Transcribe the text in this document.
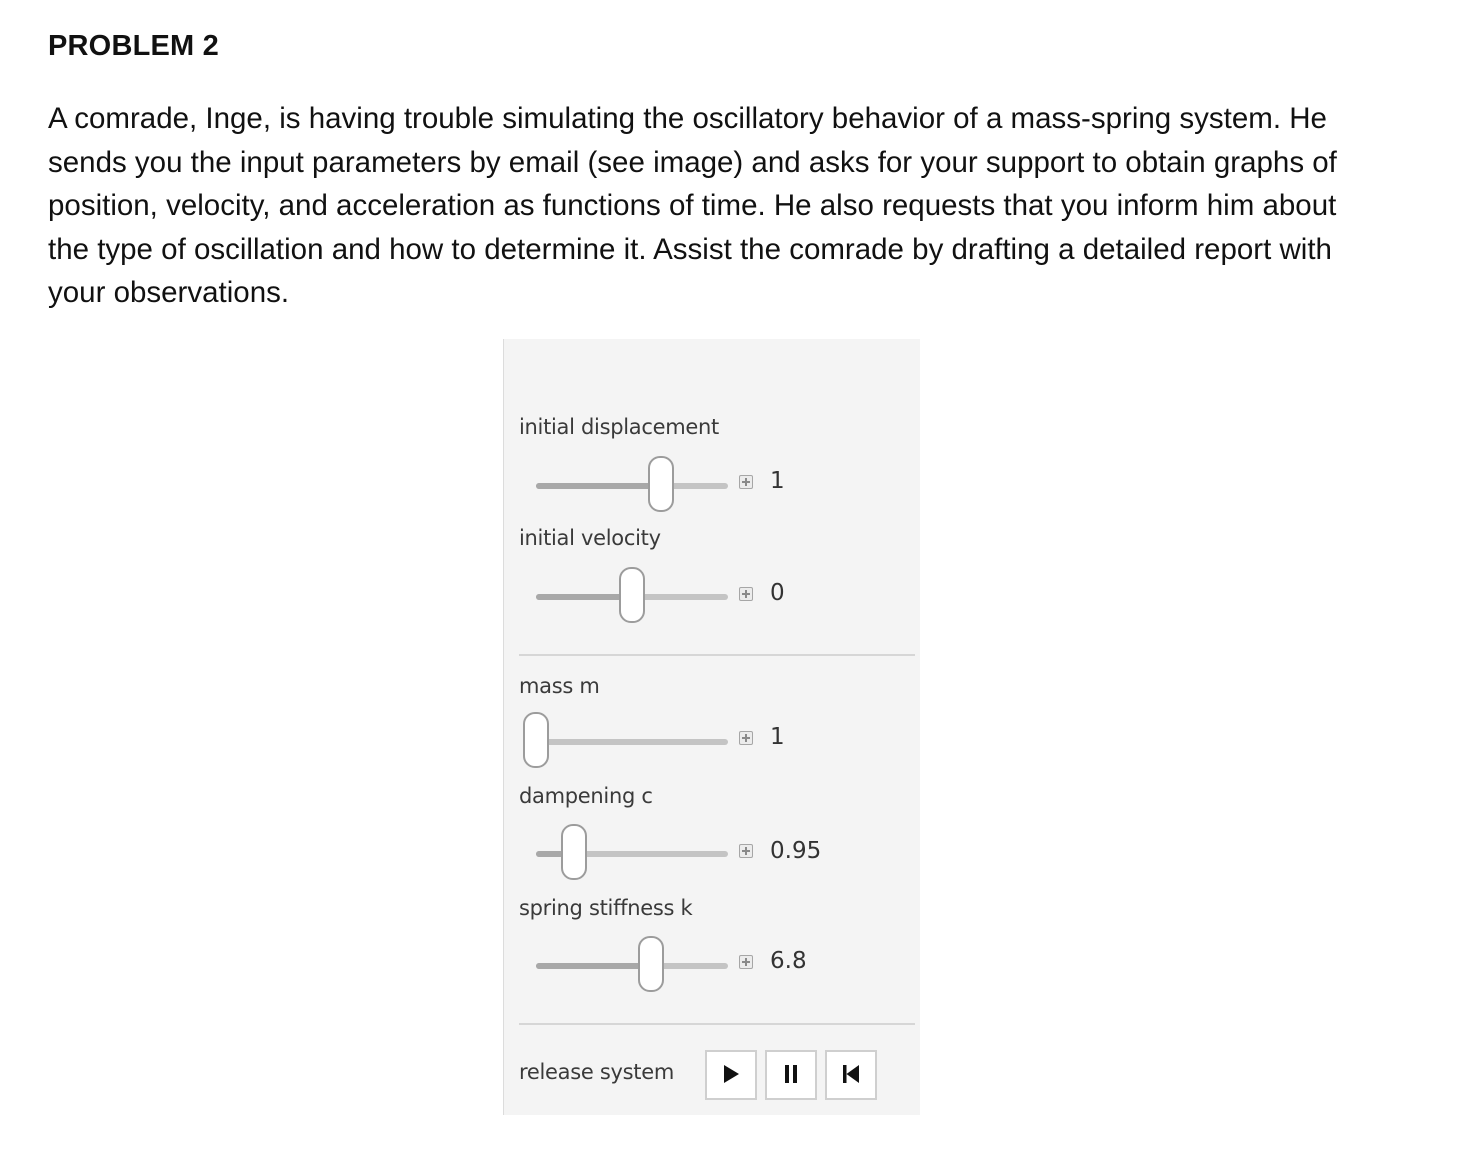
PROBLEM 2
A comrade, Inge, is having trouble simulating the oscillatory behavior of a mass-spring system. He
sends you the input parameters by email (see image) and asks for your support to obtain graphs of
position, velocity, and acceleration as functions of time. He also requests that you inform him about
the type of oscillation and how to determine it. Assist the comrade by drafting a detailed report with
your observations.
initial displacement
1
initial velocity
0
mass m
1
dampening c
0.95
spring stiffness k
6.8
release system
